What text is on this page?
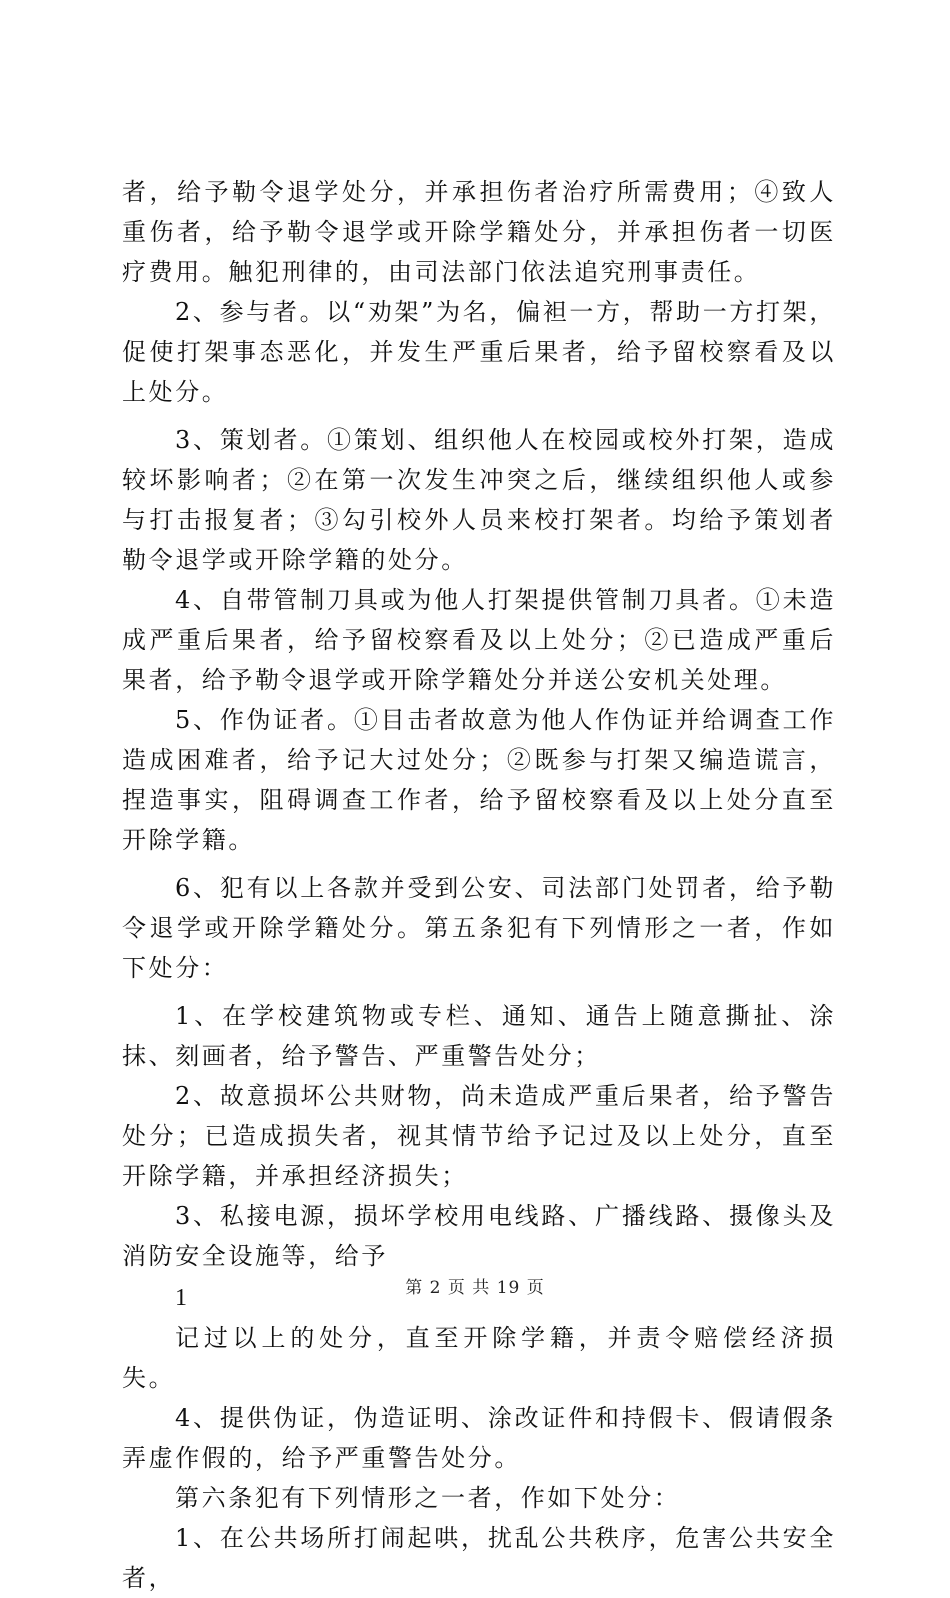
者，给予勒令退学处分，并承担伤者治疗所需费用；④致人重伤者，给予勒令退学或开除学籍处分，并承担伤者一切医疗费用。触犯刑律的，由司法部门依法追究刑事责任。

2、参与者。以“劝架”为名，偏袒一方，帮助一方打架，促使打架事态恶化，并发生严重后果者，给予留校察看及以上处分。

3、策划者。①策划、组织他人在校园或校外打架，造成较坏影响者；②在第一次发生冲突之后，继续组织他人或参与打击报复者；③勾引校外人员来校打架者。均给予策划者勒令退学或开除学籍的处分。

4、自带管制刀具或为他人打架提供管制刀具者。①未造成严重后果者，给予留校察看及以上处分；②已造成严重后果者，给予勒令退学或开除学籍处分并送公安机关处理。

5、作伪证者。①目击者故意为他人作伪证并给调查工作造成困难者，给予记大过处分；②既参与打架又编造谎言，捏造事实，阻碍调查工作者，给予留校察看及以上处分直至开除学籍。

6、犯有以上各款并受到公安、司法部门处罚者，给予勒令退学或开除学籍处分。第五条犯有下列情形之一者，作如下处分：

1、在学校建筑物或专栏、通知、通告上随意撕扯、涂抹、刻画者，给予警告、严重警告处分；

2、故意损坏公共财物，尚未造成严重后果者，给予警告处分；已造成损失者，视其情节给予记过及以上处分，直至开除学籍，并承担经济损失；

3、私接电源，损坏学校用电线路、广播线路、摄像头及消防安全设施等，给予

1

记过以上的处分，直至开除学籍，并责令赔偿经济损失。

4、提供伪证，伪造证明、涂改证件和持假卡、假请假条弄虚作假的，给予严重警告处分。

第六条犯有下列情形之一者，作如下处分：

1、在公共场所打闹起哄，扰乱公共秩序，危害公共安全者，

第 2 页 共 19 页
